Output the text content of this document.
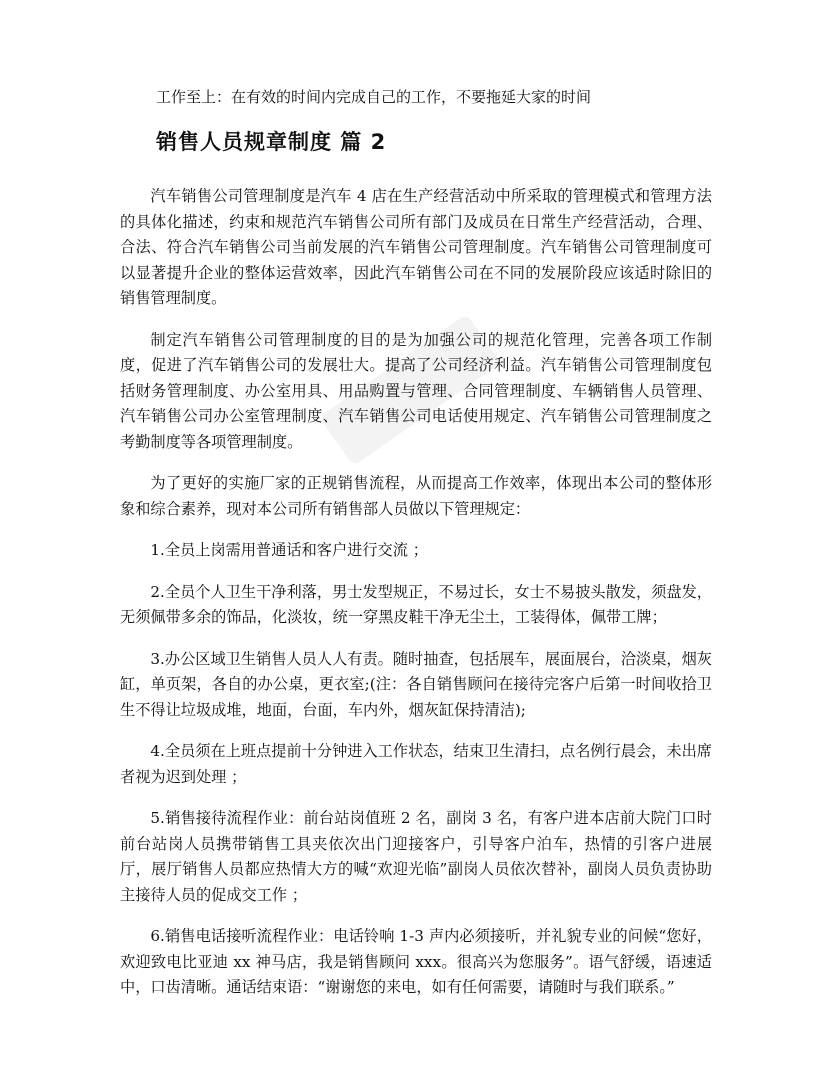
工作至上：在有效的时间内完成自己的工作，不要拖延大家的时间

销售人员规章制度 篇 2

汽车销售公司管理制度是汽车 4 店在生产经营活动中所采取的管理模式和管理方法的具体化描述，约束和规范汽车销售公司所有部门及成员在日常生产经营活动，合理、合法、符合汽车销售公司当前发展的汽车销售公司管理制度。汽车销售公司管理制度可以显著提升企业的整体运营效率，因此汽车销售公司在不同的发展阶段应该适时除旧的销售管理制度。

制定汽车销售公司管理制度的目的是为加强公司的规范化管理，完善各项工作制度，促进了汽车销售公司的发展壮大。提高了公司经济利益。汽车销售公司管理制度包括财务管理制度、办公室用具、用品购置与管理、合同管理制度、车辆销售人员管理、汽车销售公司办公室管理制度、汽车销售公司电话使用规定、汽车销售公司管理制度之考勤制度等各项管理制度。

为了更好的实施厂家的正规销售流程，从而提高工作效率，体现出本公司的整体形象和综合素养，现对本公司所有销售部人员做以下管理规定：

1.全员上岗需用普通话和客户进行交流 ；

2.全员个人卫生干净利落，男士发型规正，不易过长，女士不易披头散发，须盘发，无须佩带多余的饰品，化淡妆，统一穿黑皮鞋干净无尘土，工装得体，佩带工牌；

3.办公区域卫生销售人员人人有责。随时抽查，包括展车，展面展台，洽淡桌，烟灰缸，单页架，各自的办公桌，更衣室;(注：各自销售顾问在接待完客户后第一时间收拾卫生不得让垃圾成堆，地面，台面，车内外，烟灰缸保持清洁);

4.全员须在上班点提前十分钟进入工作状态，结束卫生清扫，点名例行晨会，未出席者视为迟到处理 ；

5.销售接待流程作业：前台站岗值班 2 名，副岗 3 名，有客户进本店前大院门口时前台站岗人员携带销售工具夹依次出门迎接客户，引导客户泊车，热情的引客户进展厅，展厅销售人员都应热情大方的喊“欢迎光临”副岗人员依次替补，副岗人员负责协助主接待人员的促成交工作 ；

6.销售电话接听流程作业：电话铃响 1-3 声内必须接听，并礼貌专业的问候“您好，欢迎致电比亚迪 xx 神马店，我是销售顾问 xxx。很高兴为您服务”。语气舒缓，语速适中，口齿清晰。通话结束语：“谢谢您的来电，如有任何需要，请随时与我们联系。”
